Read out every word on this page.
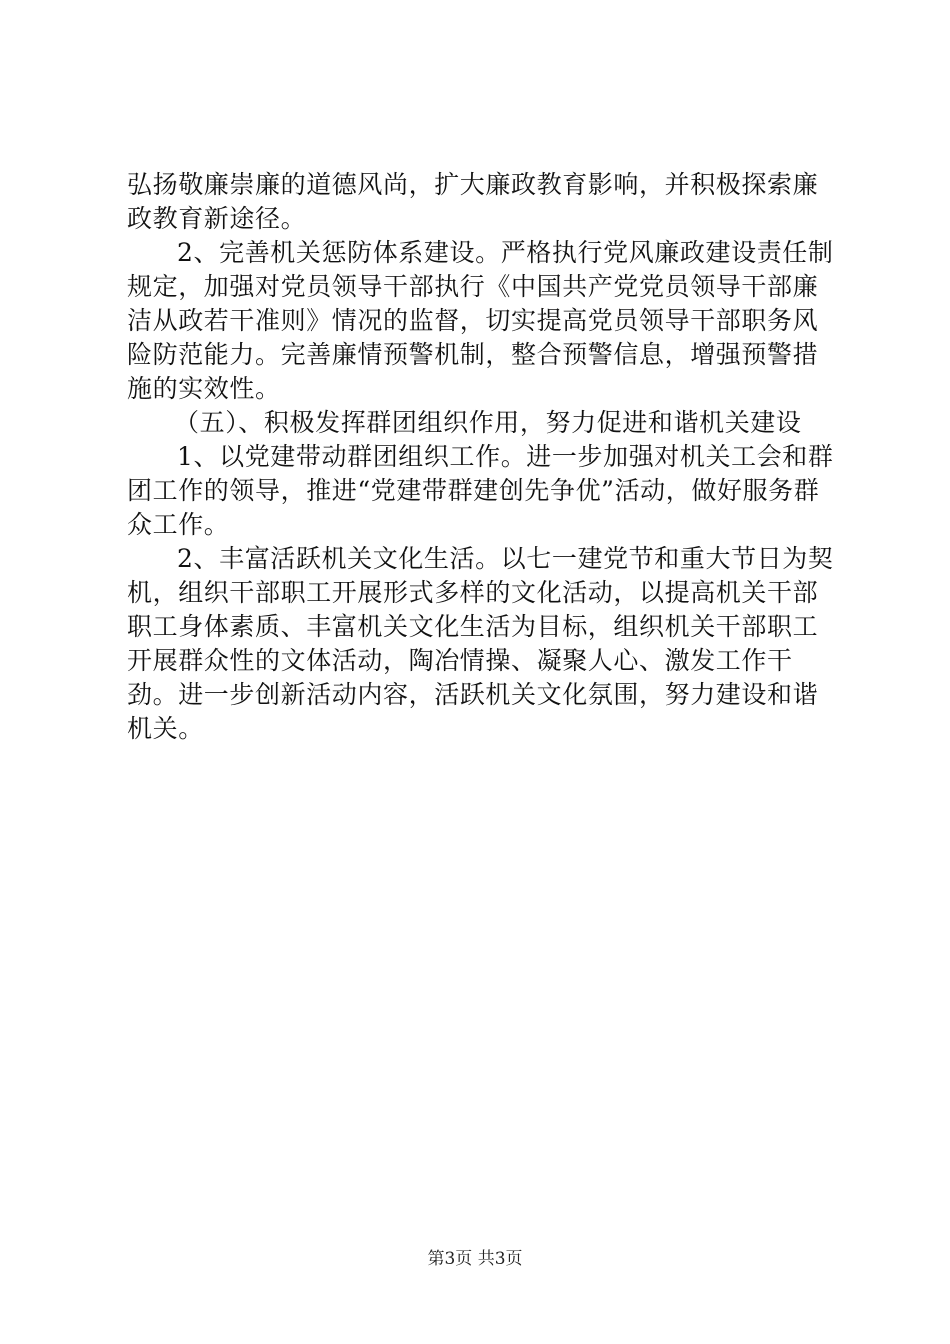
弘扬敬廉崇廉的道德风尚，扩大廉政教育影响，并积极探索廉政教育新途径。

2、完善机关惩防体系建设。严格执行党风廉政建设责任制规定，加强对党员领导干部执行《中国共产党党员领导干部廉洁从政若干准则》情况的监督，切实提高党员领导干部职务风险防范能力。完善廉情预警机制，整合预警信息，增强预警措施的实效性。

（五）、积极发挥群团组织作用，努力促进和谐机关建设

1、以党建带动群团组织工作。进一步加强对机关工会和群团工作的领导，推进“党建带群建创先争优”活动，做好服务群众工作。

2、丰富活跃机关文化生活。以七一建党节和重大节日为契机，组织干部职工开展形式多样的文化活动，以提高机关干部职工身体素质、丰富机关文化生活为目标，组织机关干部职工开展群众性的文体活动，陶冶情操、凝聚人心、激发工作干劲。进一步创新活动内容，活跃机关文化氛围，努力建设和谐机关。

第3页 共3页
